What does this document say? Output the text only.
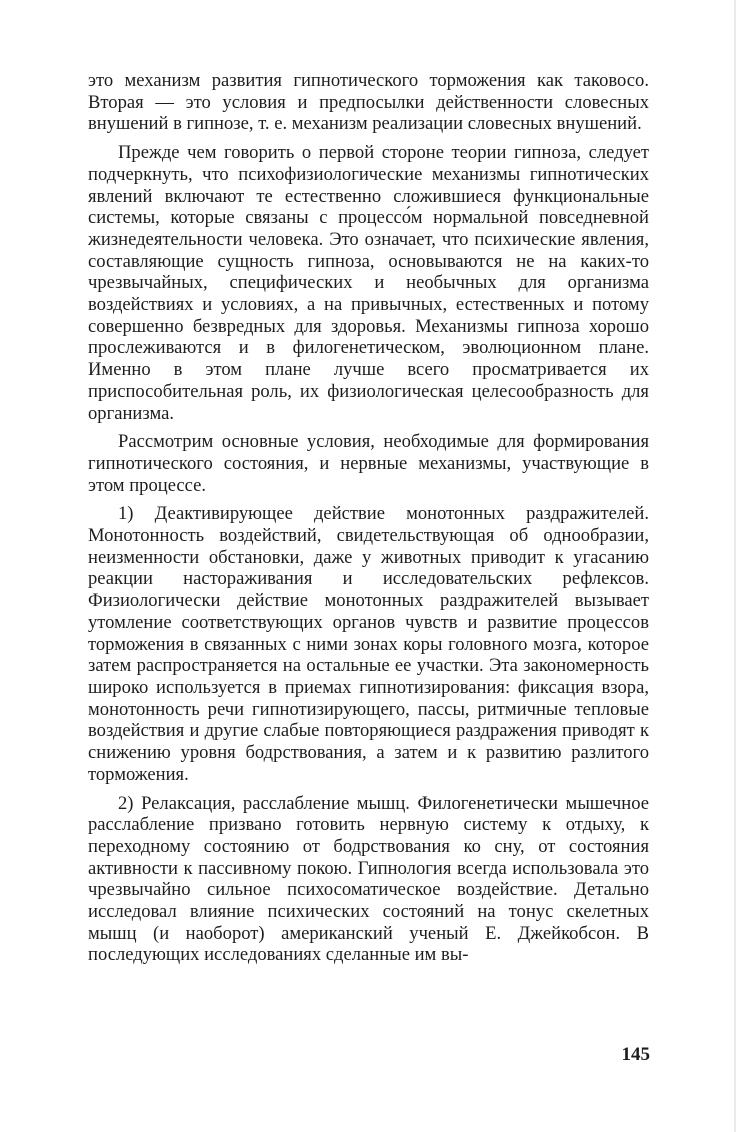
это механизм развития гипнотического торможения как таковосо. Вторая — это условия и предпосылки действенности словесных внушений в гипнозе, т. е. механизм реализации словесных внушений.

Прежде чем говорить о первой стороне теории гипноза, следует подчеркнуть, что психофизиологические механизмы гипнотических явлений включают те естественно сложившиеся функциональные системы, которые связаны с процессо́м нормальной повседневной жизнедеятельности человека. Это означает, что психические явления, составляющие сущность гипноза, основываются не на каких-то чрезвычайных, специфических и необычных для организма воздействиях и условиях, а на привычных, естественных и потому совершенно безвредных для здоровья. Механизмы гипноза хорошо прослеживаются и в филогенетическом, эволюционном плане. Именно в этом плане лучше всего просматривается их приспособительная роль, их физиологическая целесообразность для организма.

Рассмотрим основные условия, необходимые для формирования гипнотического состояния, и нервные механизмы, участвующие в этом процессе.

1) Деактивирующее действие монотонных раздражителей. Монотонность воздействий, свидетельствующая об однообразии, неизменности обстановки, даже у животных приводит к угасанию реакции настораживания и исследовательских рефлексов. Физиологически действие монотонных раздражителей вызывает утомление соответствующих органов чувств и развитие процессов торможения в связанных с ними зонах коры головного мозга, которое затем распространяется на остальные ее участки. Эта закономерность широко используется в приемах гипнотизирования: фиксация взора, монотонность речи гипнотизирующего, пассы, ритмичные тепловые воздействия и другие слабые повторяющиеся раздражения приводят к снижению уровня бодрствования, а затем и к развитию разлитого торможения.

2) Релаксация, расслабление мышц. Филогенетически мышечное расслабление призвано готовить нервную систему к отдыху, к переходному состоянию от бодрствования ко сну, от состояния активности к пассивному покою. Гипнология всегда использовала это чрезвычайно сильное психосоматическое воздействие. Детально исследовал влияние психических состояний на тонус скелетных мышц (и наоборот) американский ученый Е. Джейкобсон. В последующих исследованиях сделанные им вы-

145
